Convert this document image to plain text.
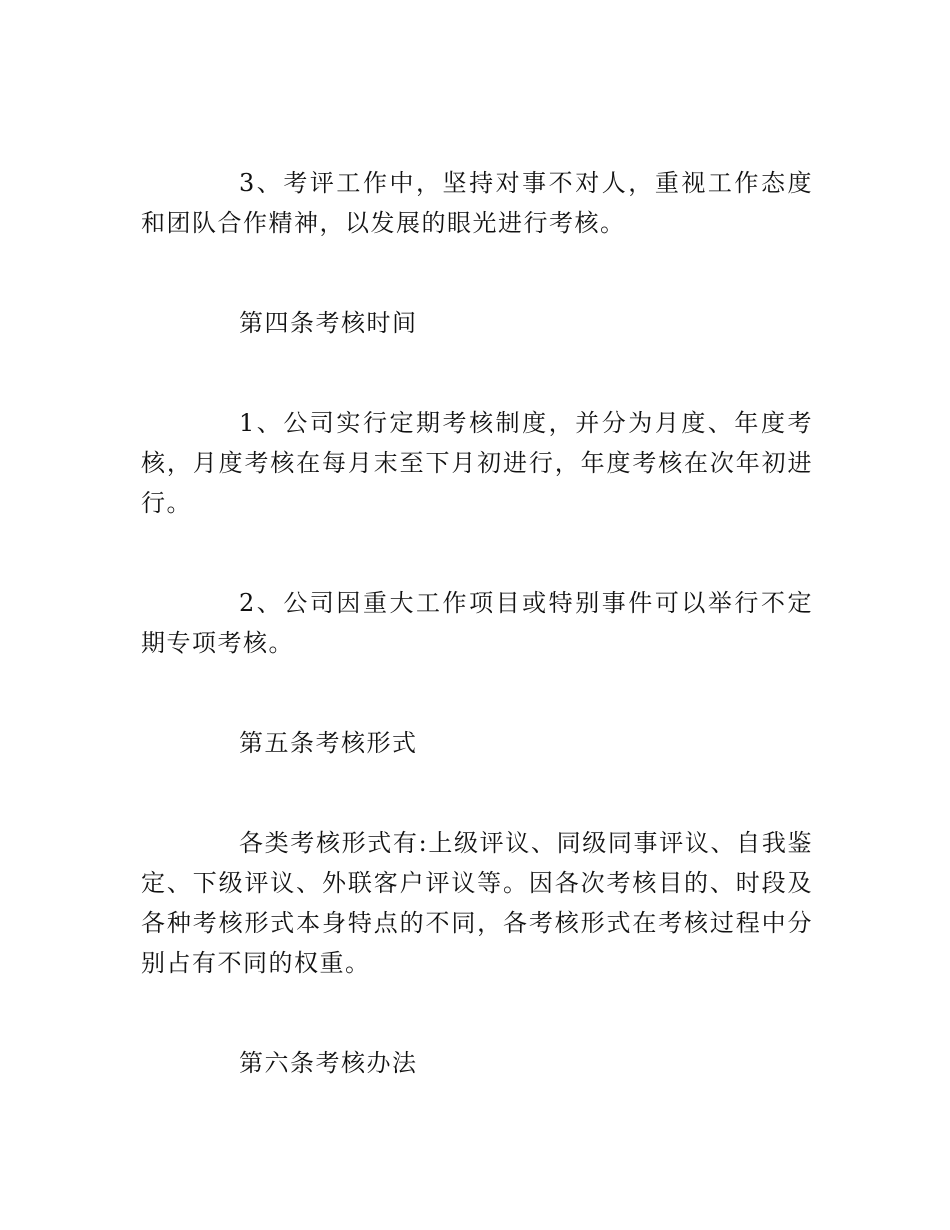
3、考评工作中，坚持对事不对人，重视工作态度和团队合作精神，以发展的眼光进行考核。

第四条考核时间

1、公司实行定期考核制度，并分为月度、年度考核，月度考核在每月末至下月初进行，年度考核在次年初进行。

2、公司因重大工作项目或特别事件可以举行不定期专项考核。

第五条考核形式

各类考核形式有:上级评议、同级同事评议、自我鉴定、下级评议、外联客户评议等。因各次考核目的、时段及各种考核形式本身特点的不同，各考核形式在考核过程中分别占有不同的权重。

第六条考核办法
